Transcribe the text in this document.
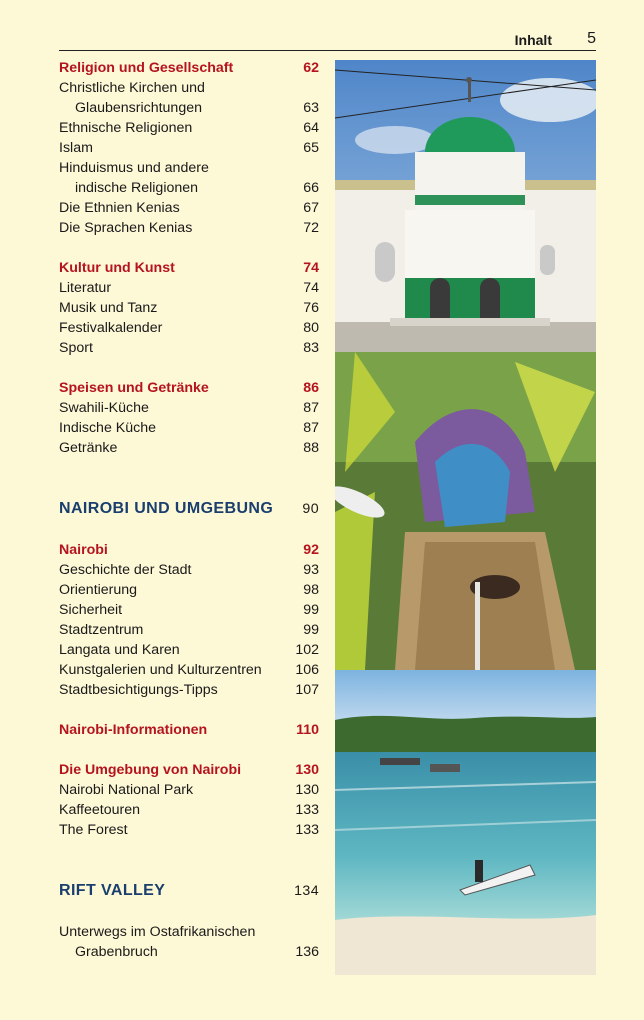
Inhalt 5
Religion und Gesellschaft	62
Christliche Kirchen und
Glaubensrichtungen	63
Ethnische Religionen	64
Islam	65
Hinduismus und andere
indische Religionen	66
Die Ethnien Kenias	67
Die Sprachen Kenias	72
Kultur und Kunst	74
Literatur	74
Musik und Tanz	76
Festivalkalender	80
Sport	83
Speisen und Getränke	86
Swahili-Küche	87
Indische Küche	87
Getränke	88
NAIROBI UND UMGEBUNG 90
Nairobi	92
Geschichte der Stadt	93
Orientierung	98
Sicherheit	99
Stadtzentrum	99
Langata und Karen	102
Kunstgalerien und Kulturzentren 106
Stadtbesichtigungs-Tipps	107
Nairobi-Informationen	110
Die Umgebung von Nairobi	130
Nairobi National Park	130
Kaffeetouren	133
The Forest	133
RIFT VALLEY	134
Unterwegs im Ostafrikanischen
Grabenbruch	136
